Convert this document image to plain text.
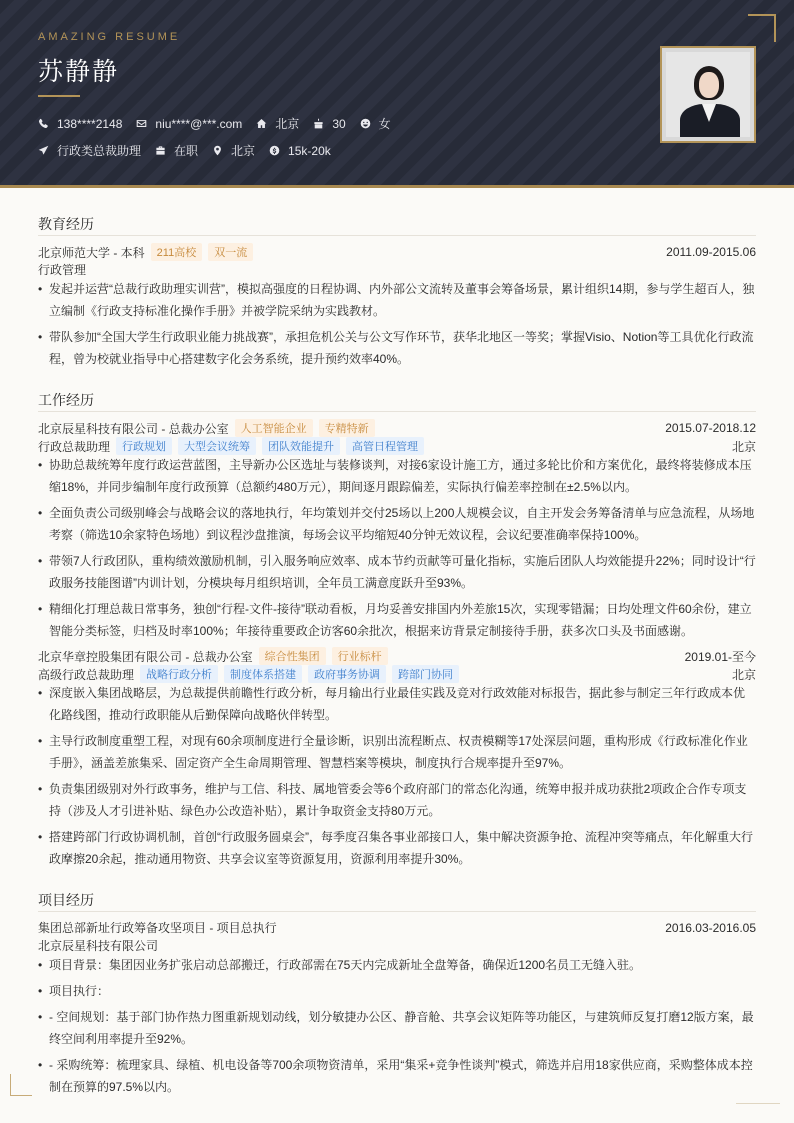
AMAZING RESUME
苏静静
138****2148	niu****@***.com	北京	30	女
行政类总裁助理	在职	北京	15k-20k
教育经历
北京师范大学 - 本科	211高校	双一流	2011.09-2015.06
行政管理
• 发起并运营“总裁行政助理实训营”，模拟高强度的日程协调、内外部公文流转及董事会筹备场景，累计组织14期，参与学生超百人，独立编制《行政支持标准化操作手册》并被学院采纳为实践教材。
• 带队参加“全国大学生行政职业能力挑战赛”，承担危机公关与公文写作环节，获华北地区一等奖；掌握Visio、Notion等工具优化行政流程，曾为校就业指导中心搭建数字化会务系统，提升预约效率40%。
工作经历
北京辰星科技有限公司 - 总裁办公室	人工智能企业	专精特新	2015.07-2018.12
行政总裁助理	行政规划	大型会议统筹	团队效能提升	高管日程管理	北京
• 协助总裁统筹年度行政运营蓝图，主导新办公区选址与装修谈判，对接6家设计施工方，通过多轮比价和方案优化，最终将装修成本压缩18%，并同步编制年度行政预算（总额约480万元），期间逐月跟踪偏差，实际执行偏差率控制在±2.5%以内。
• 全面负责公司级别峰会与战略会议的落地执行，年均策划并交付25场以上200人规模会议，自主开发会务筹备清单与应急流程，从场地考察（筛选10余家特色场地）到议程沙盘推演，每场会议平均缩短40分钟无效议程，会议纪要准确率保持100%。
• 带领7人行政团队，重构绩效激励机制，引入服务响应效率、成本节约贡献等可量化指标，实施后团队人均效能提升22%；同时设计“行政服务技能图谱”内训计划，分模块每月组织培训，全年员工满意度跃升至93%。
• 精细化打理总裁日常事务，独创“行程-文件-接待”联动看板，月均妥善安排国内外差旅15次，实现零错漏；日均处理文件60余份，建立智能分类标签，归档及时率100%；年接待重要政企访客60余批次，根据来访背景定制接待手册，获多次口头及书面感谢。
北京华章控股集团有限公司 - 总裁办公室	综合性集团	行业标杆	2019.01-至今
高级行政总裁助理	战略行政分析	制度体系搭建	政府事务协调	跨部门协同	北京
• 深度嵌入集团战略层，为总裁提供前瞻性行政分析，每月输出行业最佳实践及竞对行政效能对标报告，据此参与制定三年行政成本优化路线图，推动行政职能从后勤保障向战略伙伴转型。
• 主导行政制度重塑工程，对现有60余项制度进行全量诊断，识别出流程断点、权责模糊等17处深层问题，重构形成《行政标准化作业手册》，涵盖差旅集采、固定资产全生命周期管理、智慧档案等模块，制度执行合规率提升至97%。
• 负责集团级别对外行政事务，维护与工信、科技、属地管委会等6个政府部门的常态化沟通，统筹申报并成功获批2项政企合作专项支持（涉及人才引进补贴、绿色办公改造补贴），累计争取资金支持80万元。
• 搭建跨部门行政协调机制，首创“行政服务圆桌会”，每季度召集各事业部接口人，集中解决资源争抢、流程冲突等痛点，年化解重大行政摩擦20余起，推动通用物资、共享会议室等资源复用，资源利用率提升30%。
项目经历
集团总部新址行政筹备攻坚项目 - 项目总执行	2016.03-2016.05
北京辰星科技有限公司
• 项目背景：集团因业务扩张启动总部搬迁，行政部需在75天内完成新址全盘筹备，确保近1200名员工无缝入驻。
• 项目执行：
• - 空间规划：基于部门协作热力图重新规划动线，划分敏捷办公区、静音舱、共享会议矩阵等功能区，与建筑师反复打磨12版方案，最终空间利用率提升至92%。
• - 采购统筹：梳理家具、绿植、机电设备等700余项物资清单，采用“集采+竞争性谈判”模式，筛选并启用18家供应商，采购整体成本控制在预算的97.5%以内。
